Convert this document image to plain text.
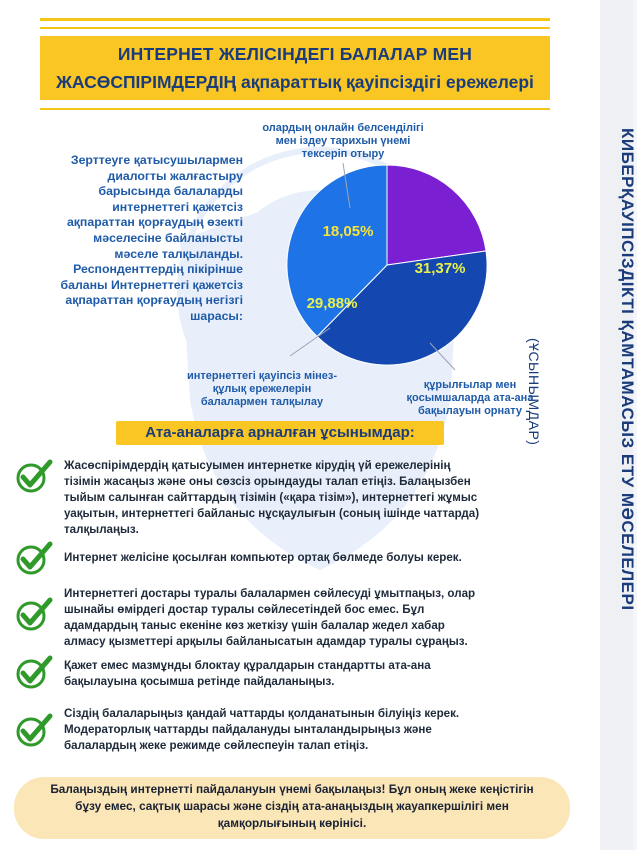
ИНТЕРНЕТ ЖЕЛІСІНДЕГІ БАЛАЛАР МЕН
ЖАСӨСПІРІМДЕРДІҢ ақпараттық қауіпсіздігі ережелері
Зерттеуге қатысушылармен
диалогты жалғастыру
барысында балаларды
интернеттегі қажетсіз
ақпараттан қорғаудың өзекті
мәселесіне байланысты
мәселе талқыланды.
Респонденттердің пікірінше
баланы Интернеттегі қажетсіз
ақпараттан қорғаудың негізгі
шарасы:
18,05%
олардың онлайн белсенділігі мен іздеу тарихын үнемі тексеріп отыру
31,37%
құрылғылар мен қосымшаларда ата-ана бақылауын орнату
29,88%
интернеттегі қауіпсіз мінез-құлық ережелерін балалармен талқылау	(ҰСЫНЫМДАР)
Ата-аналарға арналған ұсынымдар:
Жасөспірімдердің қатысуымен интернетке кірудің үй ережелерінің
тізімін жасаңыз және оны сөзсіз орындауды талап етіңіз. Балаңызбен
тыйым салынған сайттардың тізімін («қара тізім»), интернеттегі жұмыс
уақытын, интернеттегі байланыс нұсқаулығын (соның ішінде чаттарда)
талқылаңыз.
Интернет желісіне қосылған компьютер ортақ бөлмеде болуы керек.
Интернеттегі достары туралы балалармен сөйлесуді ұмытпаңыз, олар
шынайы өмірдегі достар туралы сөйлесетіндей бос емес. Бұл
адамдардың таныс екеніне көз жеткізу үшін балалар жедел хабар
алмасу қызметтері арқылы байланысатын адамдар туралы сұраңыз.
Қажет емес мазмұнды блоктау құралдарын стандартты ата-ана
бақылауына қосымша ретінде пайдаланыңыз.
Сіздің балаларыңыз қандай чаттарды қолданатынын білуіңіз керек.
Модераторлық чаттарды пайдалануды ынталандырыңыз және
балалардың жеке режимде сөйлеспеуін талап етіңіз.
Балаңыздың интернетті пайдалануын үнемі бақылаңыз! Бұл оның жеке кеңістігін
бұзу емес, сақтық шарасы және сіздің ата-анаңыздың жауапкершілігі мен
қамқорлығының көрінісі.
КИБЕРҚАУІПСІЗДІКТІ ҚАМТАМАСЫЗ ЕТУ МӘСЕЛЕЛЕРІ
